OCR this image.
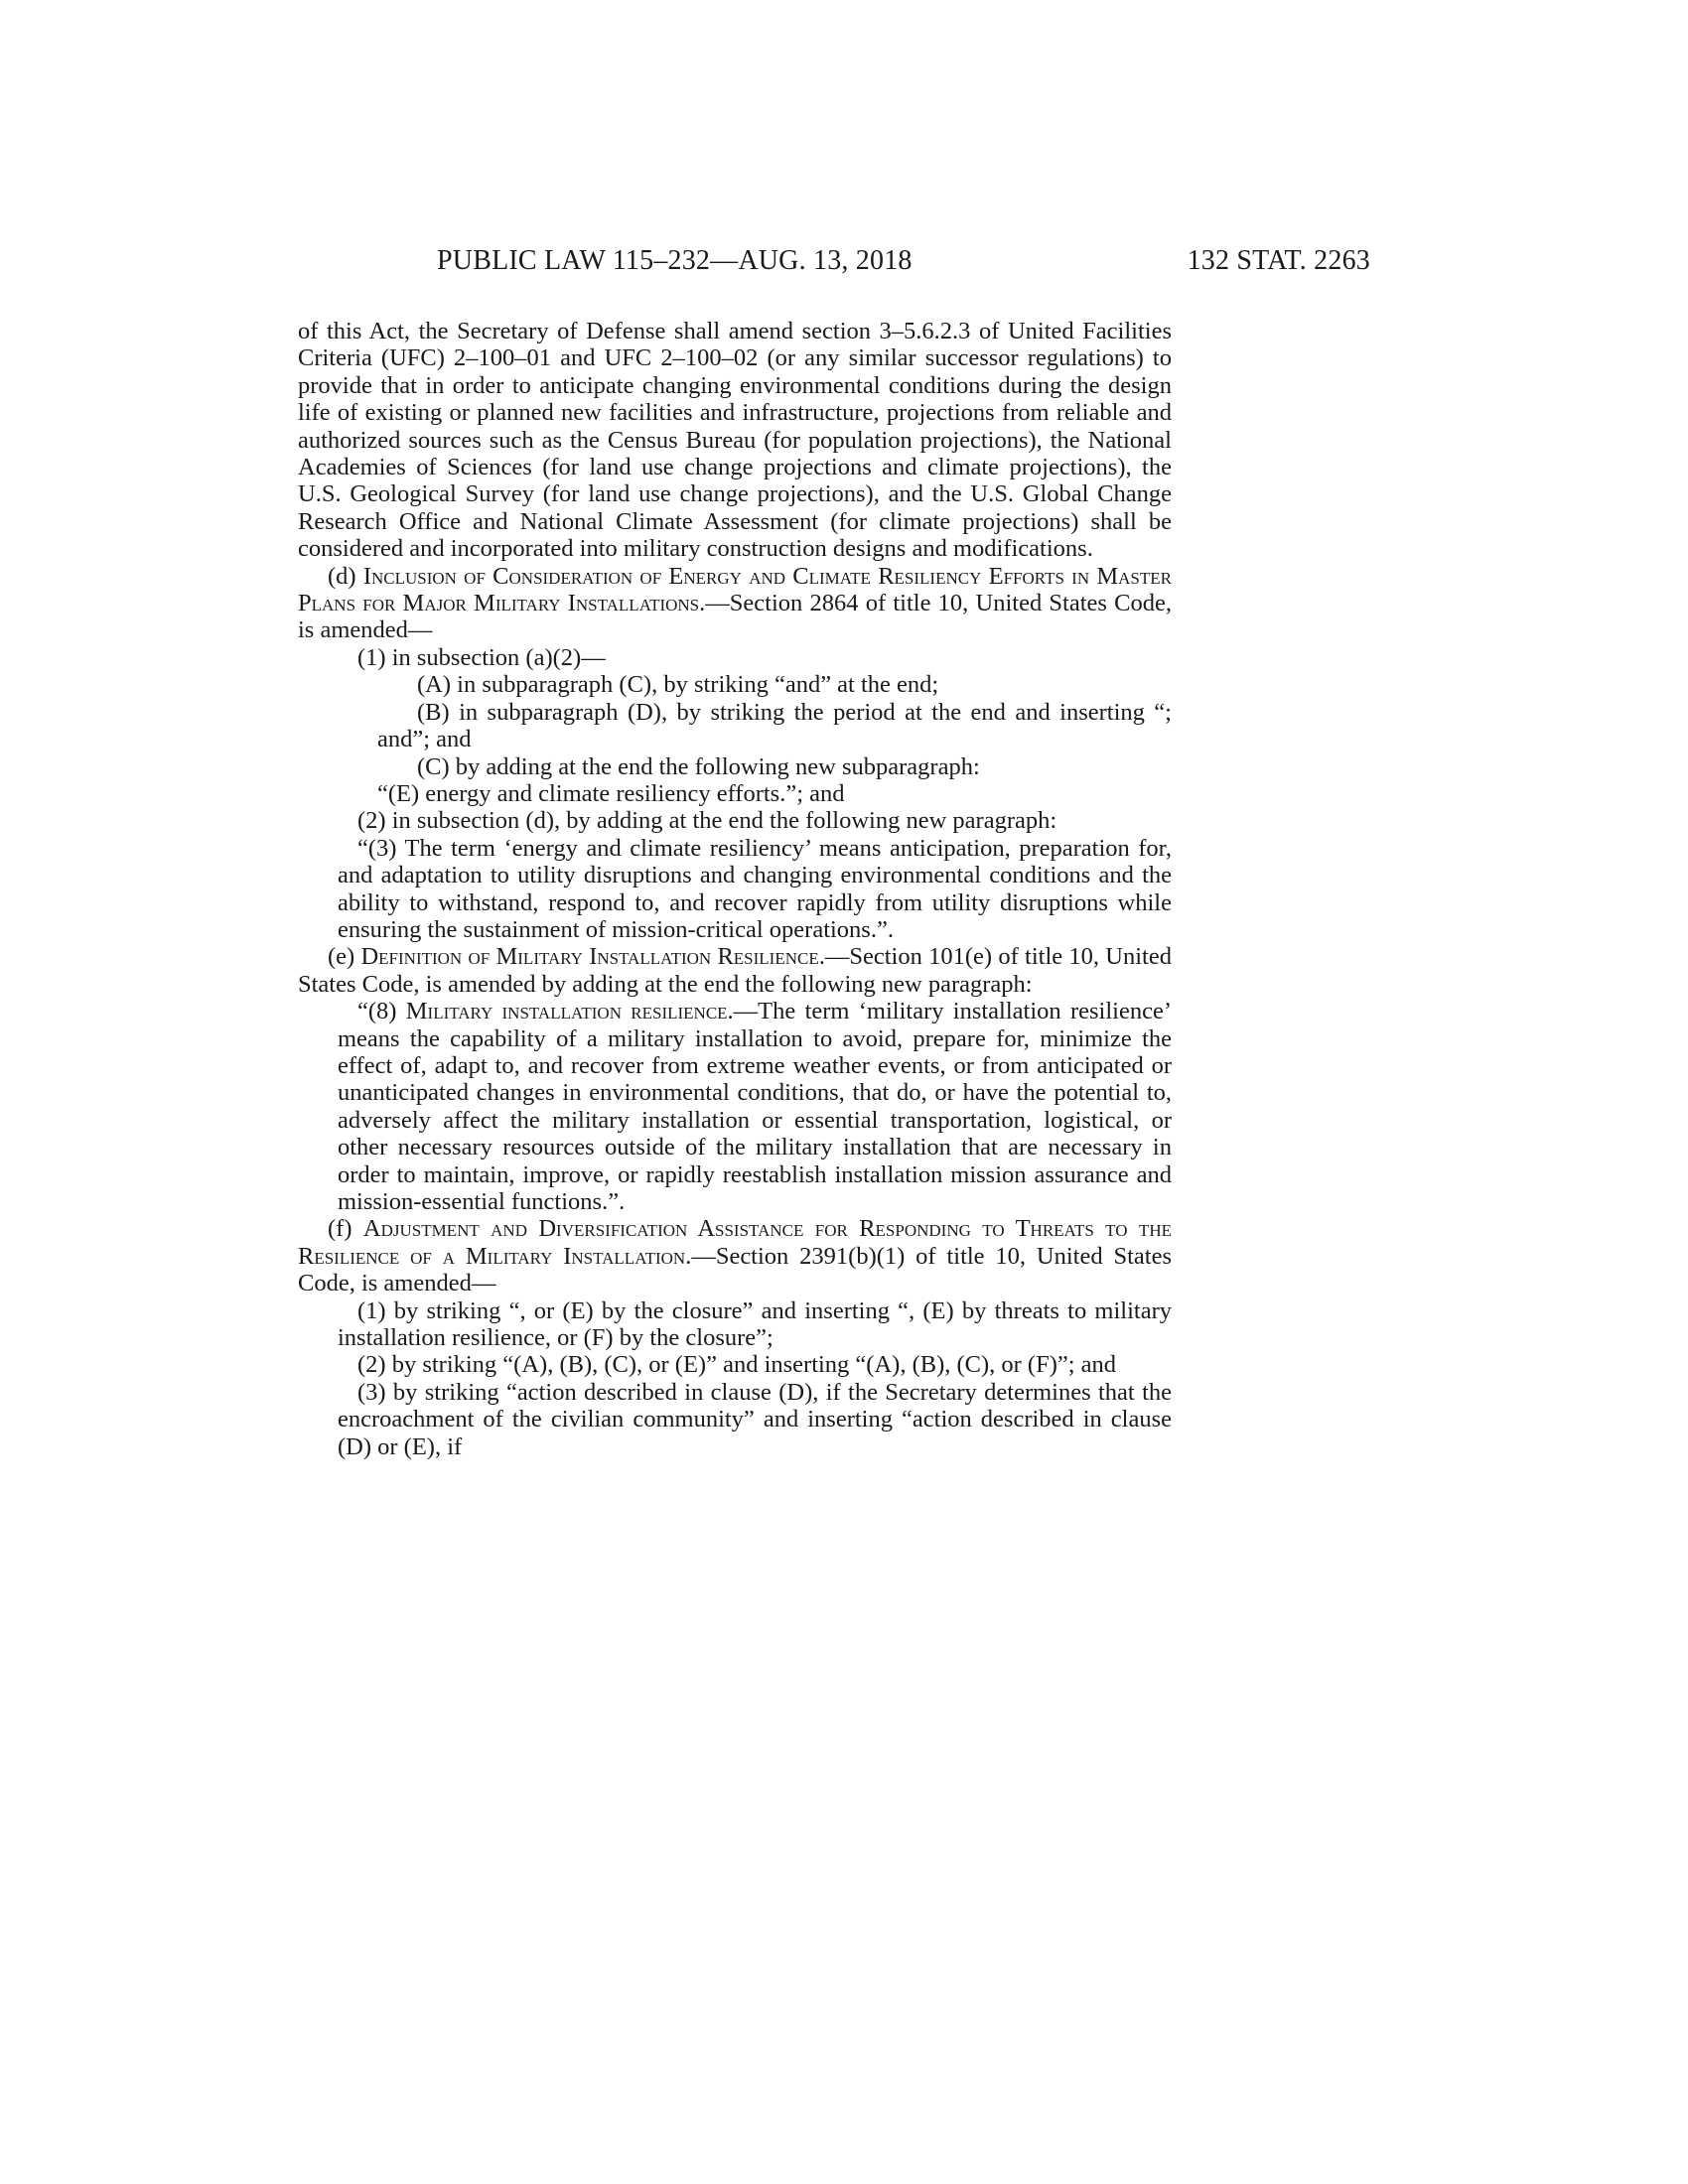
PUBLIC LAW 115–232—AUG. 13, 2018	132 STAT. 2263

of this Act, the Secretary of Defense shall amend section 3–5.6.2.3 of United Facilities Criteria (UFC) 2–100–01 and UFC 2–100–02 (or any similar successor regulations) to provide that in order to anticipate changing environmental conditions during the design life of existing or planned new facilities and infrastructure, projections from reliable and authorized sources such as the Census Bureau (for population projections), the National Academies of Sciences (for land use change projections and climate projections), the U.S. Geological Survey (for land use change projections), and the U.S. Global Change Research Office and National Climate Assessment (for climate projections) shall be considered and incorporated into military construction designs and modifications.

(d) Inclusion of Consideration of Energy and Climate Resiliency Efforts in Master Plans for Major Military Installations.—Section 2864 of title 10, United States Code, is amended—

(1) in subsection (a)(2)—

(A) in subparagraph (C), by striking “and” at the end;

(B) in subparagraph (D), by striking the period at the end and inserting “; and”; and

(C) by adding at the end the following new subparagraph:

“(E) energy and climate resiliency efforts.”; and

(2) in subsection (d), by adding at the end the following new paragraph:

“(3) The term ‘energy and climate resiliency’ means anticipation, preparation for, and adaptation to utility disruptions and changing environmental conditions and the ability to withstand, respond to, and recover rapidly from utility disruptions while ensuring the sustainment of mission-critical operations.”.

(e) Definition of Military Installation Resilience.—Section 101(e) of title 10, United States Code, is amended by adding at the end the following new paragraph:

“(8) Military installation resilience.—The term ‘military installation resilience’ means the capability of a military installation to avoid, prepare for, minimize the effect of, adapt to, and recover from extreme weather events, or from anticipated or unanticipated changes in environmental conditions, that do, or have the potential to, adversely affect the military installation or essential transportation, logistical, or other necessary resources outside of the military installation that are necessary in order to maintain, improve, or rapidly reestablish installation mission assurance and mission-essential functions.”.

(f) Adjustment and Diversification Assistance for Responding to Threats to the Resilience of a Military Installation.—Section 2391(b)(1) of title 10, United States Code, is amended—

(1) by striking “, or (E) by the closure” and inserting “, (E) by threats to military installation resilience, or (F) by the closure”;

(2) by striking “(A), (B), (C), or (E)” and inserting “(A), (B), (C), or (F)”; and

(3) by striking “action described in clause (D), if the Secretary determines that the encroachment of the civilian community” and inserting “action described in clause (D) or (E), if
